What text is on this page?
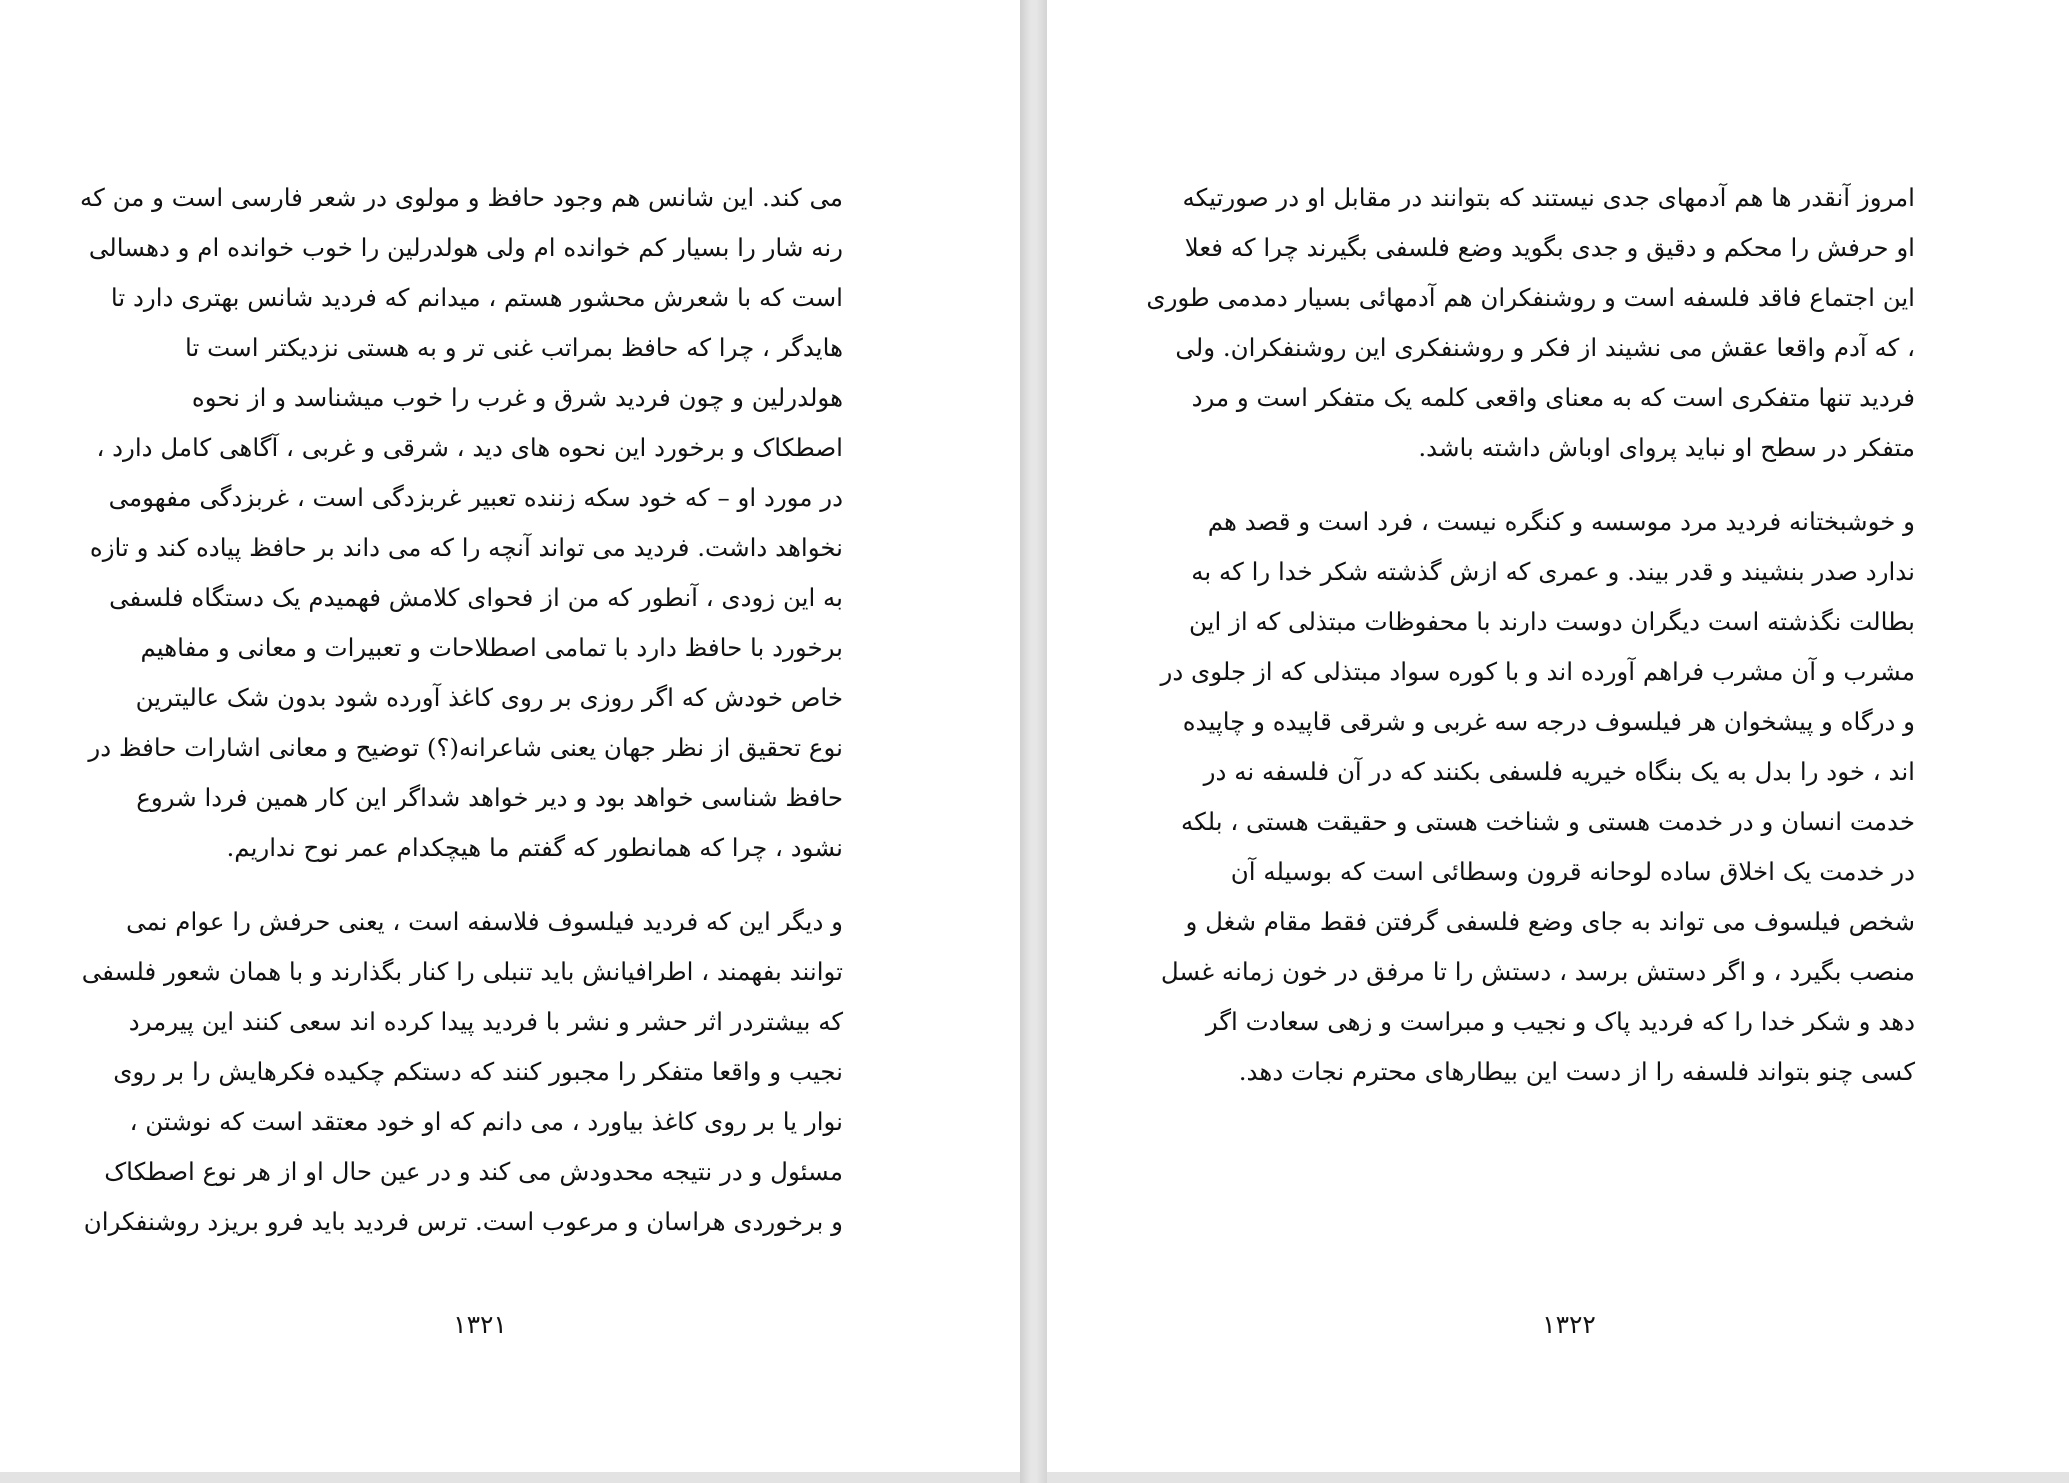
می کند. این شانس هم وجود حافظ و مولوی در شعر فارسی است و من که
رنه شار را بسیار کم خوانده ام ولی هولدرلین را خوب خوانده ام و دهسالی
است که با شعرش محشور هستم ، میدانم که فردید شانس بهتری دارد تا
هایدگر ، چرا که حافظ بمراتب غنی تر و به هستی نزدیکتر است تا
هولدرلین و چون فردید شرق و غرب را خوب میشناسد و از نحوه
اصطکاک و برخورد این نحوه های دید ، شرقی و غربی ، آگاهی کامل دارد ،
در مورد او – که خود سکه زننده تعبیر غربزدگی است ، غربزدگی مفهومی
نخواهد داشت. فردید می تواند آنچه را که می داند بر حافظ پیاده کند و تازه
به این زودی ، آنطور که من از فحوای کلامش فهمیدم یک دستگاه فلسفی
برخورد با حافظ دارد با تمامی اصطلاحات و تعبیرات و معانی و مفاهیم
خاص خودش که اگر روزی بر روی کاغذ آورده شود بدون شک عالیترین
نوع تحقیق از نظر جهان یعنی شاعرانه(؟) توضیح و معانی اشارات حافظ در
حافظ شناسی خواهد بود و دیر خواهد شداگر این کار همین فردا شروع
نشود ، چرا که همانطور که گفتم ما هیچکدام عمر نوح نداریم.
و دیگر این که فردید فیلسوف فلاسفه است ، یعنی حرفش را عوام نمی
توانند بفهمند ، اطرافیانش باید تنبلی را کنار بگذارند و با همان شعور فلسفی
که بیشتردر اثر حشر و نشر با فردید پیدا کرده اند سعی کنند این پیرمرد
نجیب و واقعا متفکر را مجبور کنند که دستکم چکیده فکرهایش را بر روی
نوار یا بر روی کاغذ بیاورد ، می دانم که او خود معتقد است که نوشتن ،
مسئول و در نتیجه محدودش می کند و در عین حال او از هر نوع اصطکاک
و برخوردی هراسان و مرعوب است. ترس فردید باید فرو بریزد روشنفکران
۱۳۲۱
امروز آنقدر ها هم آدمهای جدی نیستند که بتوانند در مقابل او در صورتیکه
او حرفش را محکم و دقیق و جدی بگوید وضع فلسفی بگیرند چرا که فعلا
این اجتماع فاقد فلسفه است و روشنفکران هم آدمهائی بسیار دمدمی طوری
، که آدم واقعا عقش می نشیند از فکر و روشنفکری این روشنفکران. ولی
فردید تنها متفکری است که به معنای واقعی کلمه یک متفکر است و مرد
متفکر در سطح او نباید پروای اوباش داشته باشد.
و خوشبختانه فردید مرد موسسه و کنگره نیست ، فرد است و قصد هم
ندارد صدر بنشیند و قدر بیند. و عمری که ازش گذشته شکر خدا را که به
بطالت نگذشته است دیگران دوست دارند با محفوظات مبتذلی که از این
مشرب و آن مشرب فراهم آورده اند و با کوره سواد مبتذلی که از جلوی در
و درگاه و پیشخوان هر فیلسوف درجه سه غربی و شرقی قاپیده و چاپیده
اند ، خود را بدل به یک بنگاه خیریه فلسفی بکنند که در آن فلسفه نه در
خدمت انسان و در خدمت هستی و شناخت هستی و حقیقت هستی ، بلکه
در خدمت یک اخلاق ساده لوحانه قرون وسطائی است که بوسیله آن
شخص فیلسوف می تواند به جای وضع فلسفی گرفتن فقط مقام شغل و
منصب بگیرد ، و اگر دستش برسد ، دستش را تا مرفق در خون زمانه غسل
دهد و شکر خدا را که فردید پاک و نجیب و مبراست و زهی سعادت اگر
کسی چنو بتواند فلسفه را از دست این بیطارهای محترم نجات دهد.
۱۳۲۲
